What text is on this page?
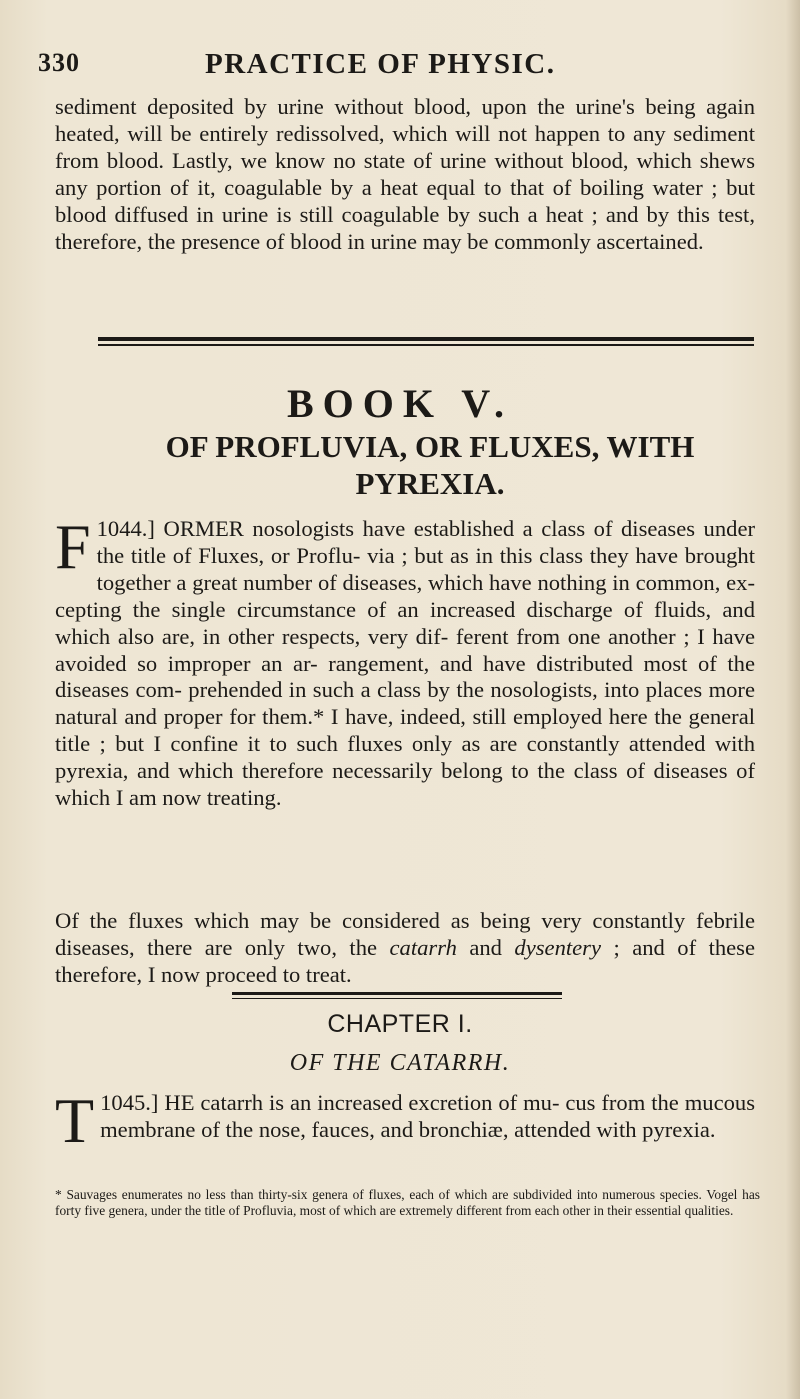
330	PRACTICE OF PHYSIC.

sediment deposited by urine without blood, upon the urine's being again heated, will be entirely redissolved, which will not happen to any sediment from blood. Lastly, we know no state of urine without blood, which shews any portion of it, coagulable by a heat equal to that of boiling water ; but blood diffused in urine is still coagulable by such a heat ; and by this test, therefore, the presence of blood in urine may be commonly ascertained.

BOOK V.
OF PROFLUVIA, OR FLUXES, WITH PYREXIA.

1044.]
F	ORMER nosologists have established a class of diseases under the title of Fluxes, or Proflu- via ; but as in this class they have brought together a great number of diseases, which have nothing in common, ex- cepting the single circumstance of an increased discharge of fluids, and which also are, in other respects, very dif- ferent from one another ; I have avoided so improper an ar- rangement, and have distributed most of the diseases com- prehended in such a class by the nosologists, into places more natural and proper for them.* I have, indeed, still employed here the general title ; but I confine it to such fluxes only as are constantly attended with pyrexia, and which therefore necessarily belong to the class of diseases of which I am now treating.

Of the fluxes which may be considered as being very constantly febrile diseases, there are only two, the catarrh and dysentery ; and of these therefore, I now proceed to treat.

CHAPTER I.
OF THE CATARRH.

1045.]
T	HE catarrh is an increased excretion of mu- cus from the mucous membrane of the nose, fauces, and bronchiæ, attended with pyrexia.

* Sauvages enumerates no less than thirty-six genera of fluxes, each of which are subdivided into numerous species. Vogel has forty five genera, under the title of Profluvia, most of which are extremely different from each other in their essential qualities.
